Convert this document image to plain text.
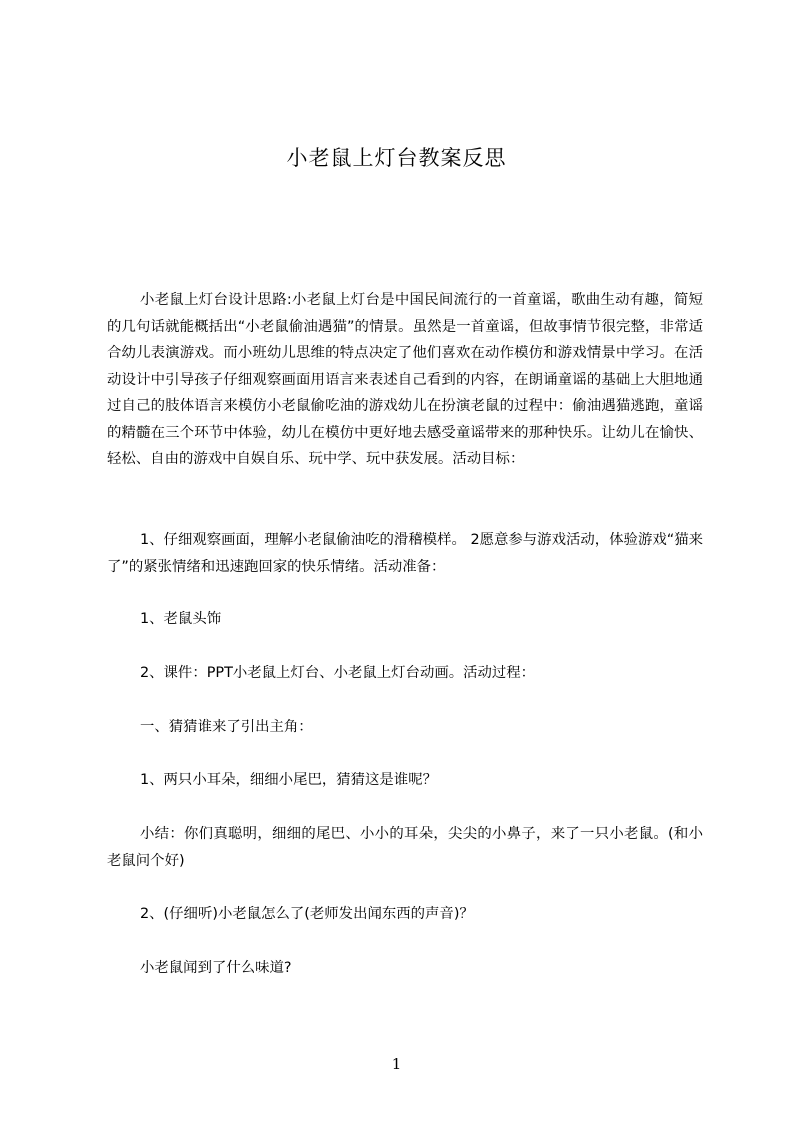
小老鼠上灯台教案反思

小老鼠上灯台设计思路:小老鼠上灯台是中国民间流行的一首童谣，歌曲生动有趣，简短的几句话就能概括出“小老鼠偷油遇猫”的情景。虽然是一首童谣，但故事情节很完整，非常适合幼儿表演游戏。而小班幼儿思维的特点决定了他们喜欢在动作模仿和游戏情景中学习。在活动设计中引导孩子仔细观察画面用语言来表述自己看到的内容，在朗诵童谣的基础上大胆地通过自己的肢体语言来模仿小老鼠偷吃油的游戏幼儿在扮演老鼠的过程中：偷油遇猫逃跑，童谣的精髓在三个环节中体验，幼儿在模仿中更好地去感受童谣带来的那种快乐。让幼儿在愉快、轻松、自由的游戏中自娱自乐、玩中学、玩中获发展。活动目标：

1、仔细观察画面，理解小老鼠偷油吃的滑稽模样。 2愿意参与游戏活动，体验游戏“猫来了”的紧张情绪和迅速跑回家的快乐情绪。活动准备：

1、老鼠头饰

2、课件：PPT小老鼠上灯台、小老鼠上灯台动画。活动过程：

一、猜猜谁来了引出主角：

1、两只小耳朵，细细小尾巴，猜猜这是谁呢？

小结：你们真聪明，细细的尾巴、小小的耳朵，尖尖的小鼻子，来了一只小老鼠。(和小老鼠问个好)

2、(仔细听)小老鼠怎么了(老师发出闻东西的声音)？

小老鼠闻到了什么味道?

1
